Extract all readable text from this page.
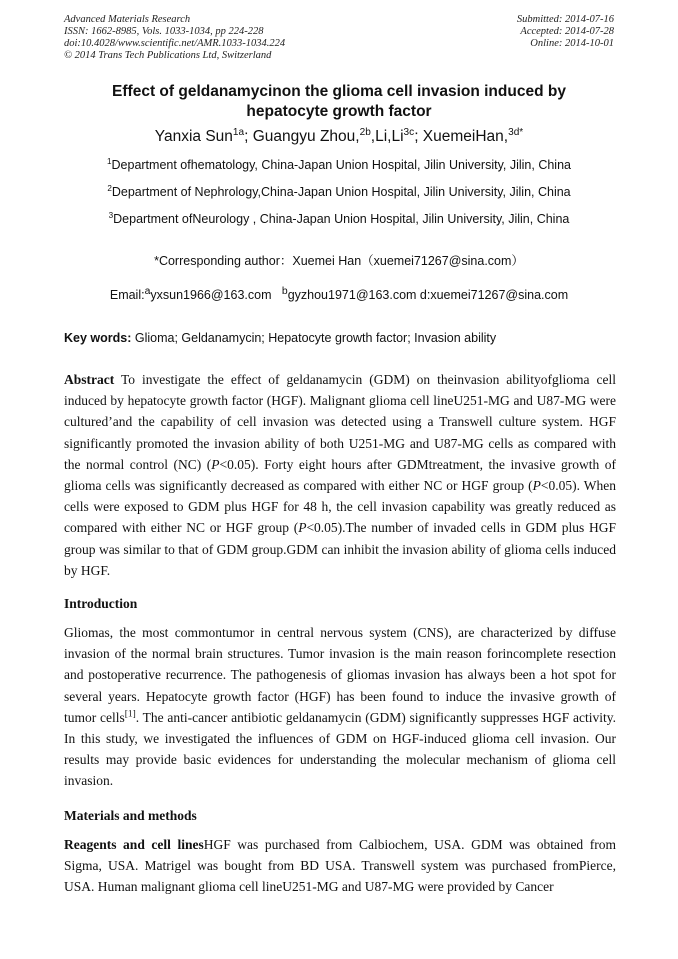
Advanced Materials Research
ISSN: 1662-8985, Vols. 1033-1034, pp 224-228
doi:10.4028/www.scientific.net/AMR.1033-1034.224
© 2014 Trans Tech Publications Ltd, Switzerland
Submitted: 2014-07-16
Accepted: 2014-07-28
Online: 2014-10-01
Effect of geldanamycinon the glioma cell invasion induced by
hepatocyte growth factor
Yanxia Sun$^{1a}$; Guangyu $Zhou,^{2b},Li,Li^{3c}$; XuemeiHan,$^{3d*}$
$^1$Department ofhematology, China-Japan Union Hospital, Jilin University, Jilin, China
$^2$Department of Nephrology,China-Japan Union Hospital, Jilin University, Jilin, China
$^3$Department ofNeurology , China-Japan Union Hospital, Jilin University, Jilin, China
*Corresponding author：Xuemei Han（xuemei71267@sina.com）
Email:$^a$yxsun1966@163.com $^b$gyzhou1971@163.com d:xuemei71267@sina.com
Key words: Glioma; Geldanamycin; Hepatocyte growth factor; Invasion ability
Abstract To investigate the effect of geldanamycin (GDM) on theinvasion abilityofglioma cell induced by hepatocyte growth factor (HGF). Malignant glioma cell lineU251-MG and U87-MG were cultured’and the capability of cell invasion was detected using a Transwell culture system. HGF significantly promoted the invasion ability of both U251-MG and U87-MG cells as compared with the normal control (NC) (P<0.05). Forty eight hours after GDMtreatment, the invasive growth of glioma cells was significantly decreased as compared with either NC or HGF group (P<0.05). When cells were exposed to GDM plus HGF for 48 h, the cell invasion capability was greatly reduced as compared with either NC or HGF group (P<0.05).The number of invaded cells in GDM plus HGF group was similar to that of GDM group.GDM can inhibit the invasion ability of glioma cells induced by HGF.
Introduction
Gliomas, the most commontumor in central nervous system (CNS), are characterized by diffuse invasion of the normal brain structures. Tumor invasion is the main reason forincomplete resection and postoperative recurrence. The pathogenesis of gliomas invasion has always been a hot spot for several years. Hepatocyte growth factor (HGF) has been found to induce the invasive growth of tumor cells[1]. The anti-cancer antibiotic geldanamycin (GDM) significantly suppresses HGF activity. In this study, we investigated the influences of GDM on HGF-induced glioma cell invasion. Our results may provide basic evidences for understanding the molecular mechanism of glioma cell invasion.
Materials and methods
Reagents and cell linesHGF was purchased from Calbiochem, USA. GDM was obtained from Sigma, USA. Matrigel was bought from BD USA. Transwell system was purchased fromPierce, USA. Human malignant glioma cell lineU251-MG and U87-MG were provided by Cancer
